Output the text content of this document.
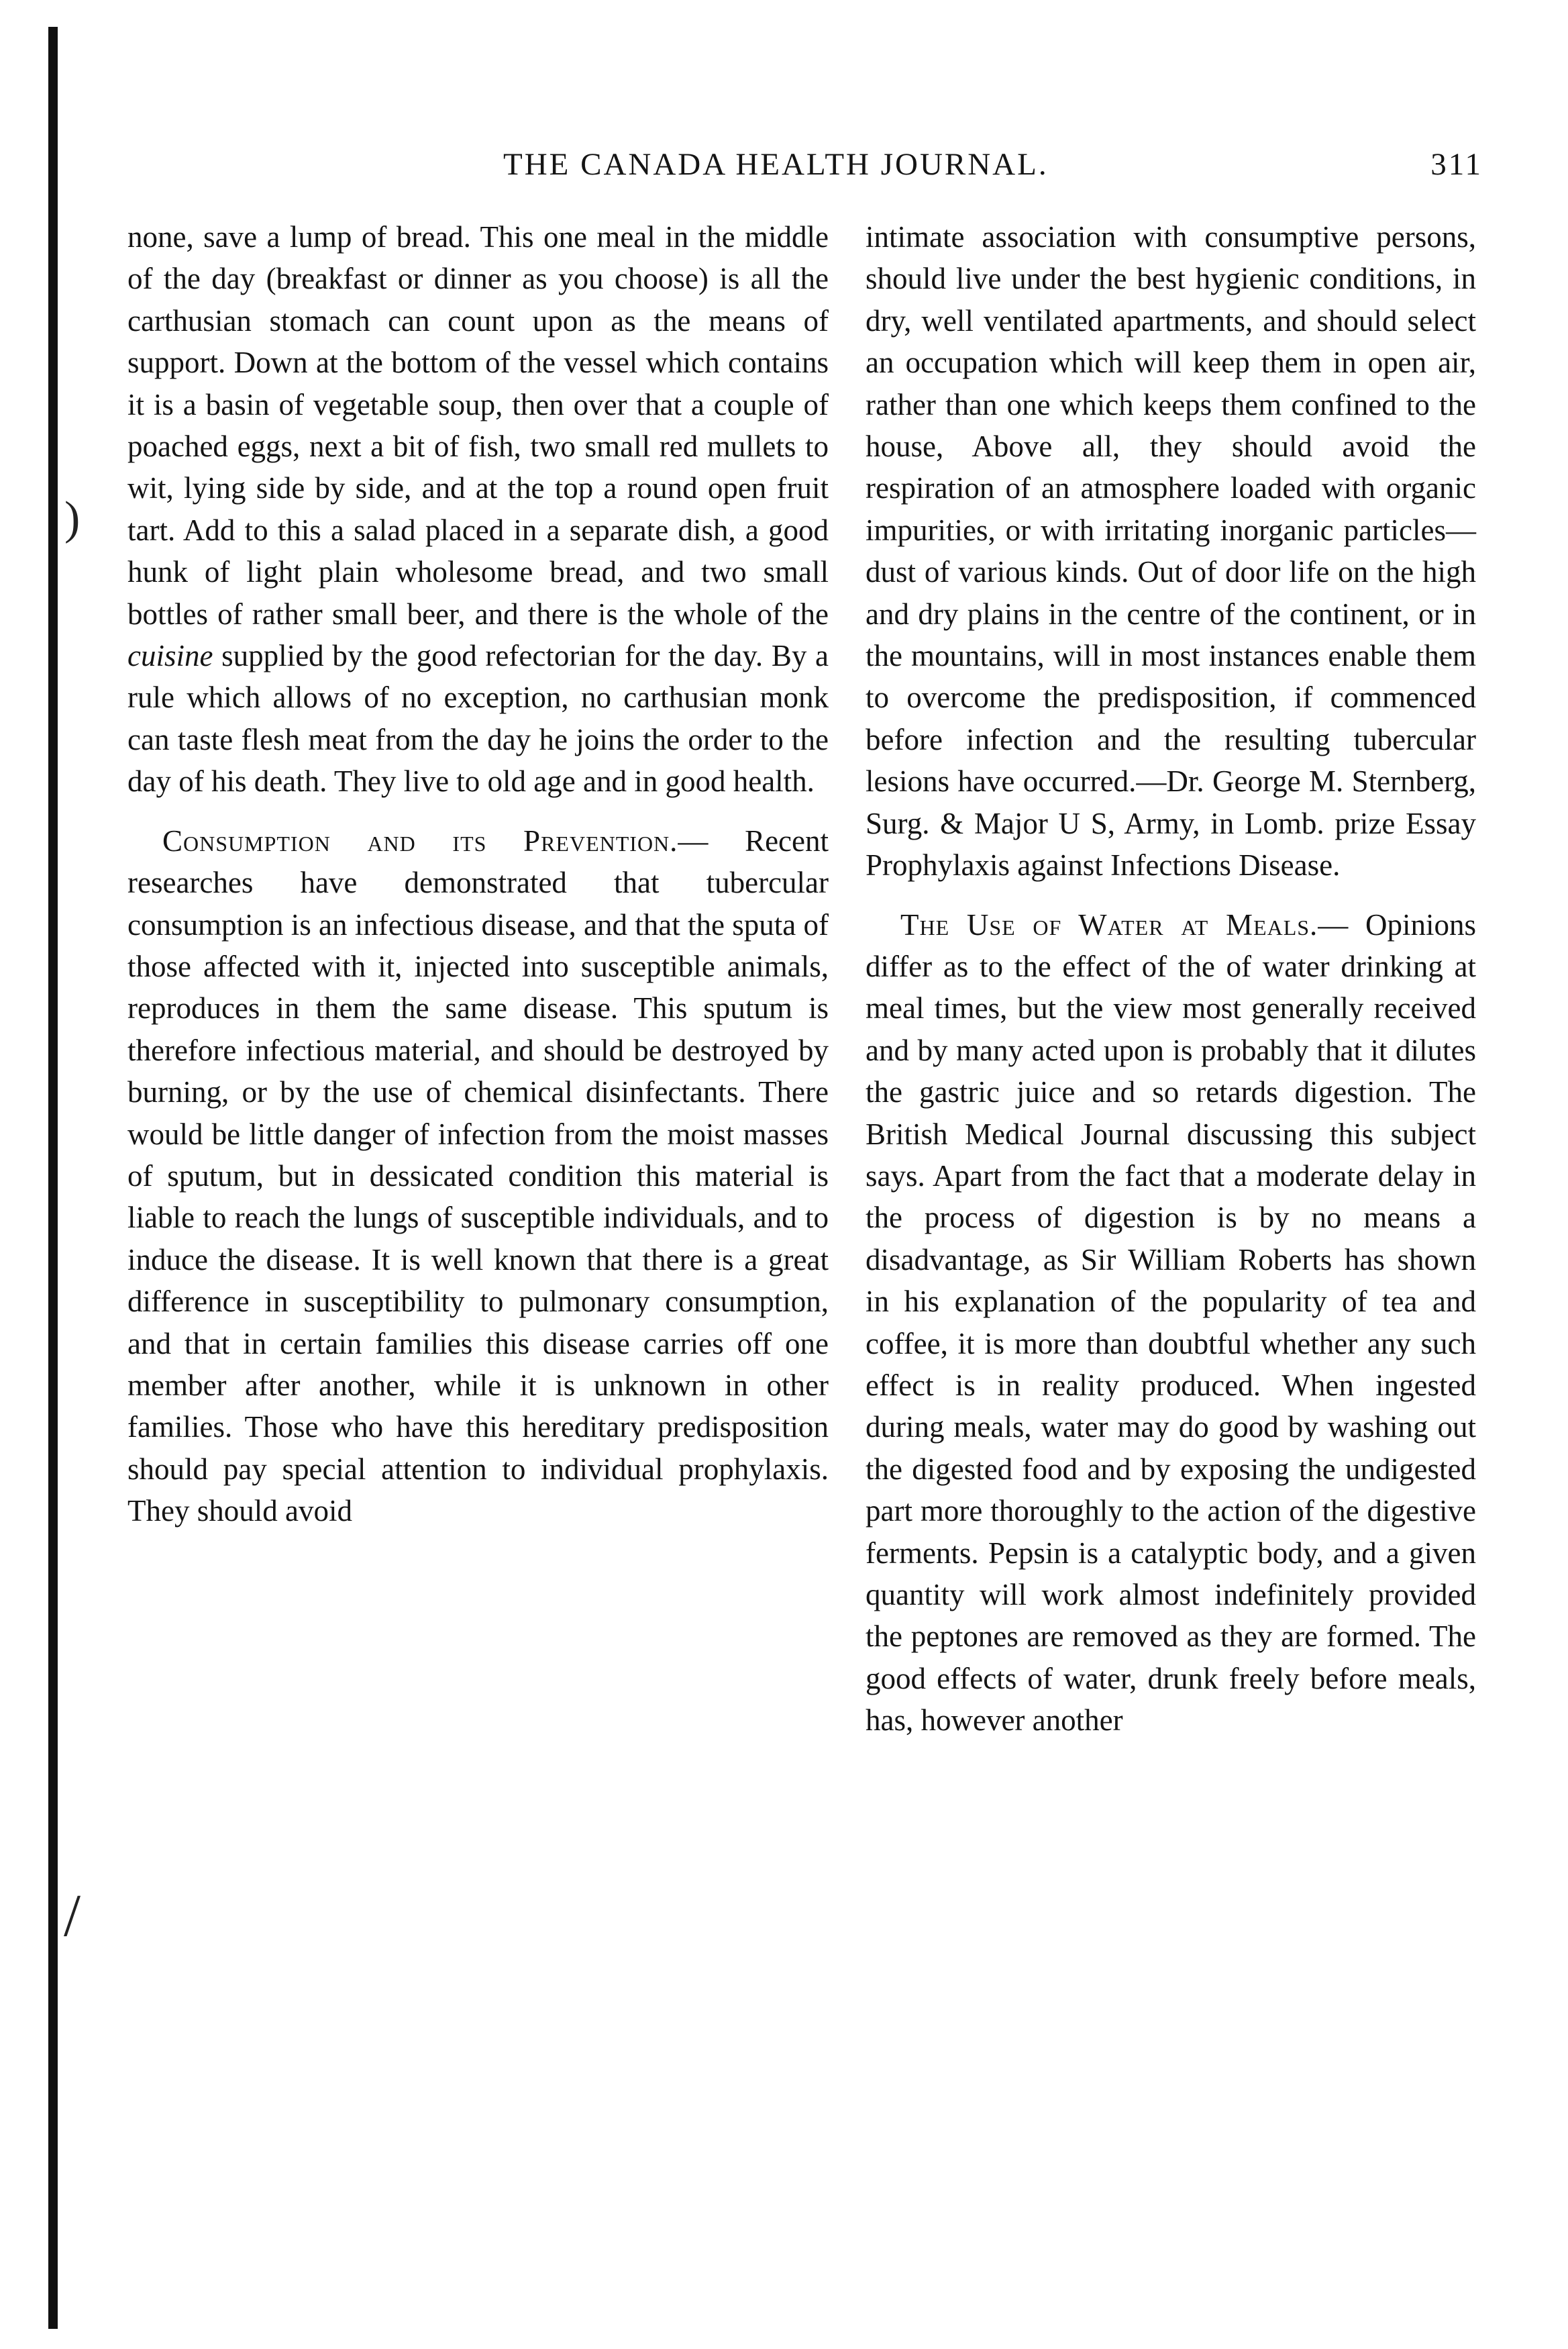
)
/
THE CANADA HEALTH JOURNAL.	311

none, save a lump of bread. This one meal in the middle of the day (breakfast or dinner as you choose) is all the carthusian stomach can count upon as the means of support. Down at the bottom of the vessel which contains it is a basin of vegetable soup, then over that a couple of poached eggs, next a bit of fish, two small red mullets to wit, lying side by side, and at the top a round open fruit tart. Add to this a salad placed in a separate dish, a good hunk of light plain wholesome bread, and two small bottles of rather small beer, and there is the whole of the cuisine supplied by the good refectorian for the day. By a rule which allows of no exception, no carthusian monk can taste flesh meat from the day he joins the order to the day of his death. They live to old age and in good health.

Consumption and its Prevention.— Recent researches have demonstrated that tubercular consumption is an infectious disease, and that the sputa of those affected with it, injected into susceptible animals, reproduces in them the same disease. This sputum is therefore infectious material, and should be destroyed by burning, or by the use of chemical disinfectants. There would be little danger of infection from the moist masses of sputum, but in dessicated condition this material is liable to reach the lungs of susceptible individuals, and to induce the disease. It is well known that there is a great difference in susceptibility to pulmonary consumption, and that in certain families this disease carries off one member after another, while it is unknown in other families. Those who have this hereditary predisposition should pay special attention to individual prophylaxis. They should avoid

intimate association with consumptive persons, should live under the best hygienic conditions, in dry, well ventilated apartments, and should select an occupation which will keep them in open air, rather than one which keeps them confined to the house, Above all, they should avoid the respiration of an atmosphere loaded with organic impurities, or with irritating inorganic particles—dust of various kinds. Out of door life on the high and dry plains in the centre of the continent, or in the mountains, will in most instances enable them to overcome the predisposition, if commenced before infection and the resulting tubercular lesions have occurred.—Dr. George M. Sternberg, Surg. & Major U S, Army, in Lomb. prize Essay Prophylaxis against Infections Disease.

The Use of Water at Meals.— Opinions differ as to the effect of the of water drinking at meal times, but the view most generally received and by many acted upon is probably that it dilutes the gastric juice and so retards digestion. The British Medical Journal discussing this subject says. Apart from the fact that a moderate delay in the process of digestion is by no means a disadvantage, as Sir William Roberts has shown in his explanation of the popularity of tea and coffee, it is more than doubtful whether any such effect is in reality produced. When ingested during meals, water may do good by washing out the digested food and by exposing the undigested part more thoroughly to the action of the digestive ferments. Pepsin is a catalyptic body, and a given quantity will work almost indefinitely provided the peptones are removed as they are formed. The good effects of water, drunk freely before meals, has, however another
